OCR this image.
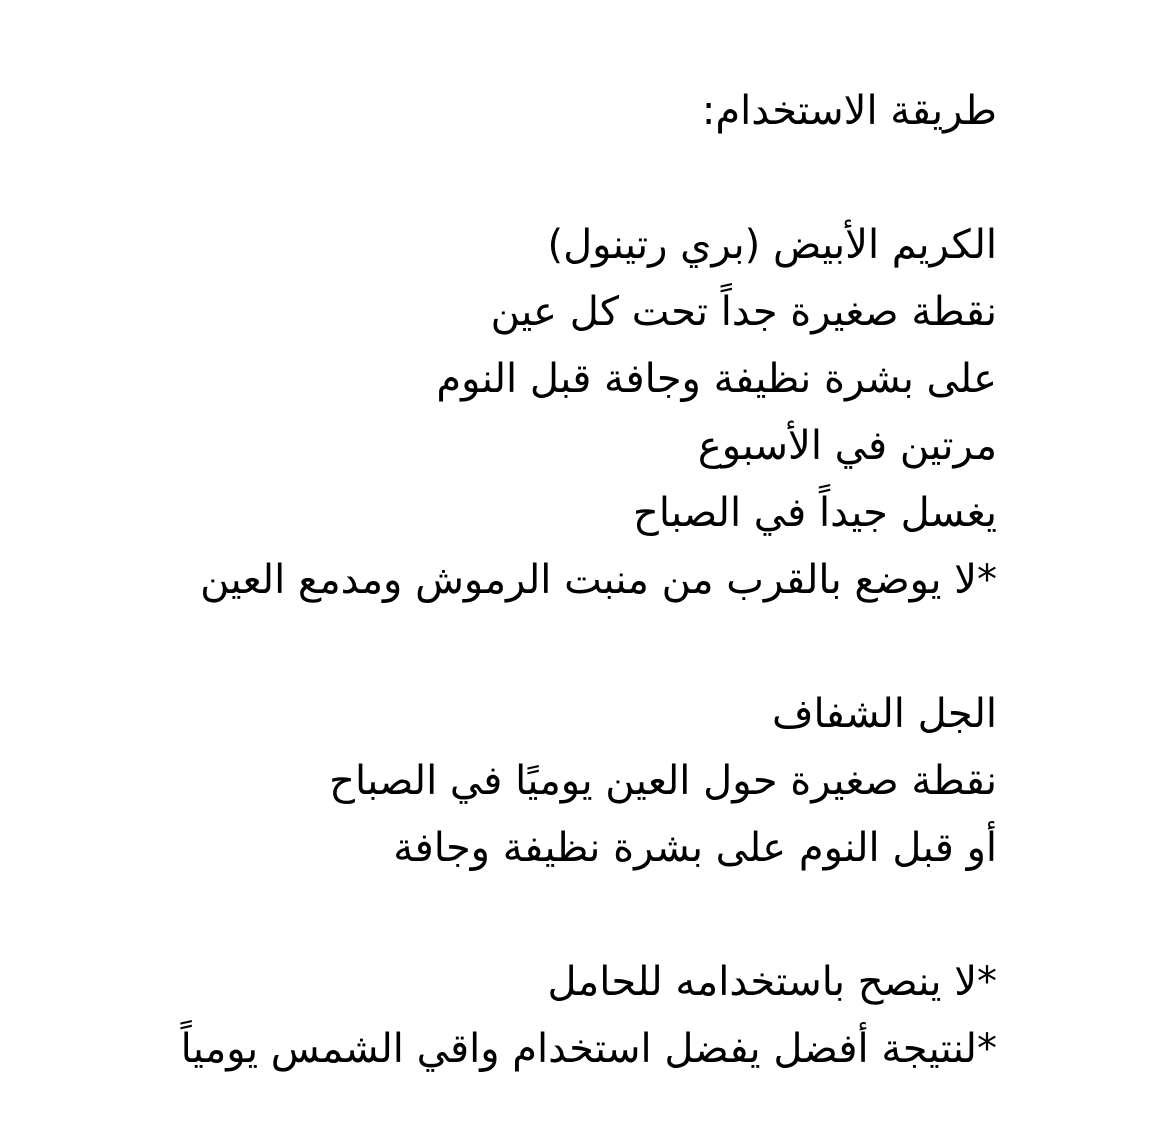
طريقة الاستخدام:
الكريم الأبيض (بري رتينول)
نقطة صغيرة جداً تحت كل عين
على بشرة نظيفة وجافة قبل النوم
مرتين في الأسبوع
يغسل جيداً في الصباح
*لا يوضع بالقرب من منبت الرموش ومدمع العين
الجل الشفاف
نقطة صغيرة حول العين يوميًا في الصباح
أو قبل النوم على بشرة نظيفة وجافة
*لا ينصح باستخدامه للحامل
*لنتيجة أفضل يفضل استخدام واقي الشمس يومياً
